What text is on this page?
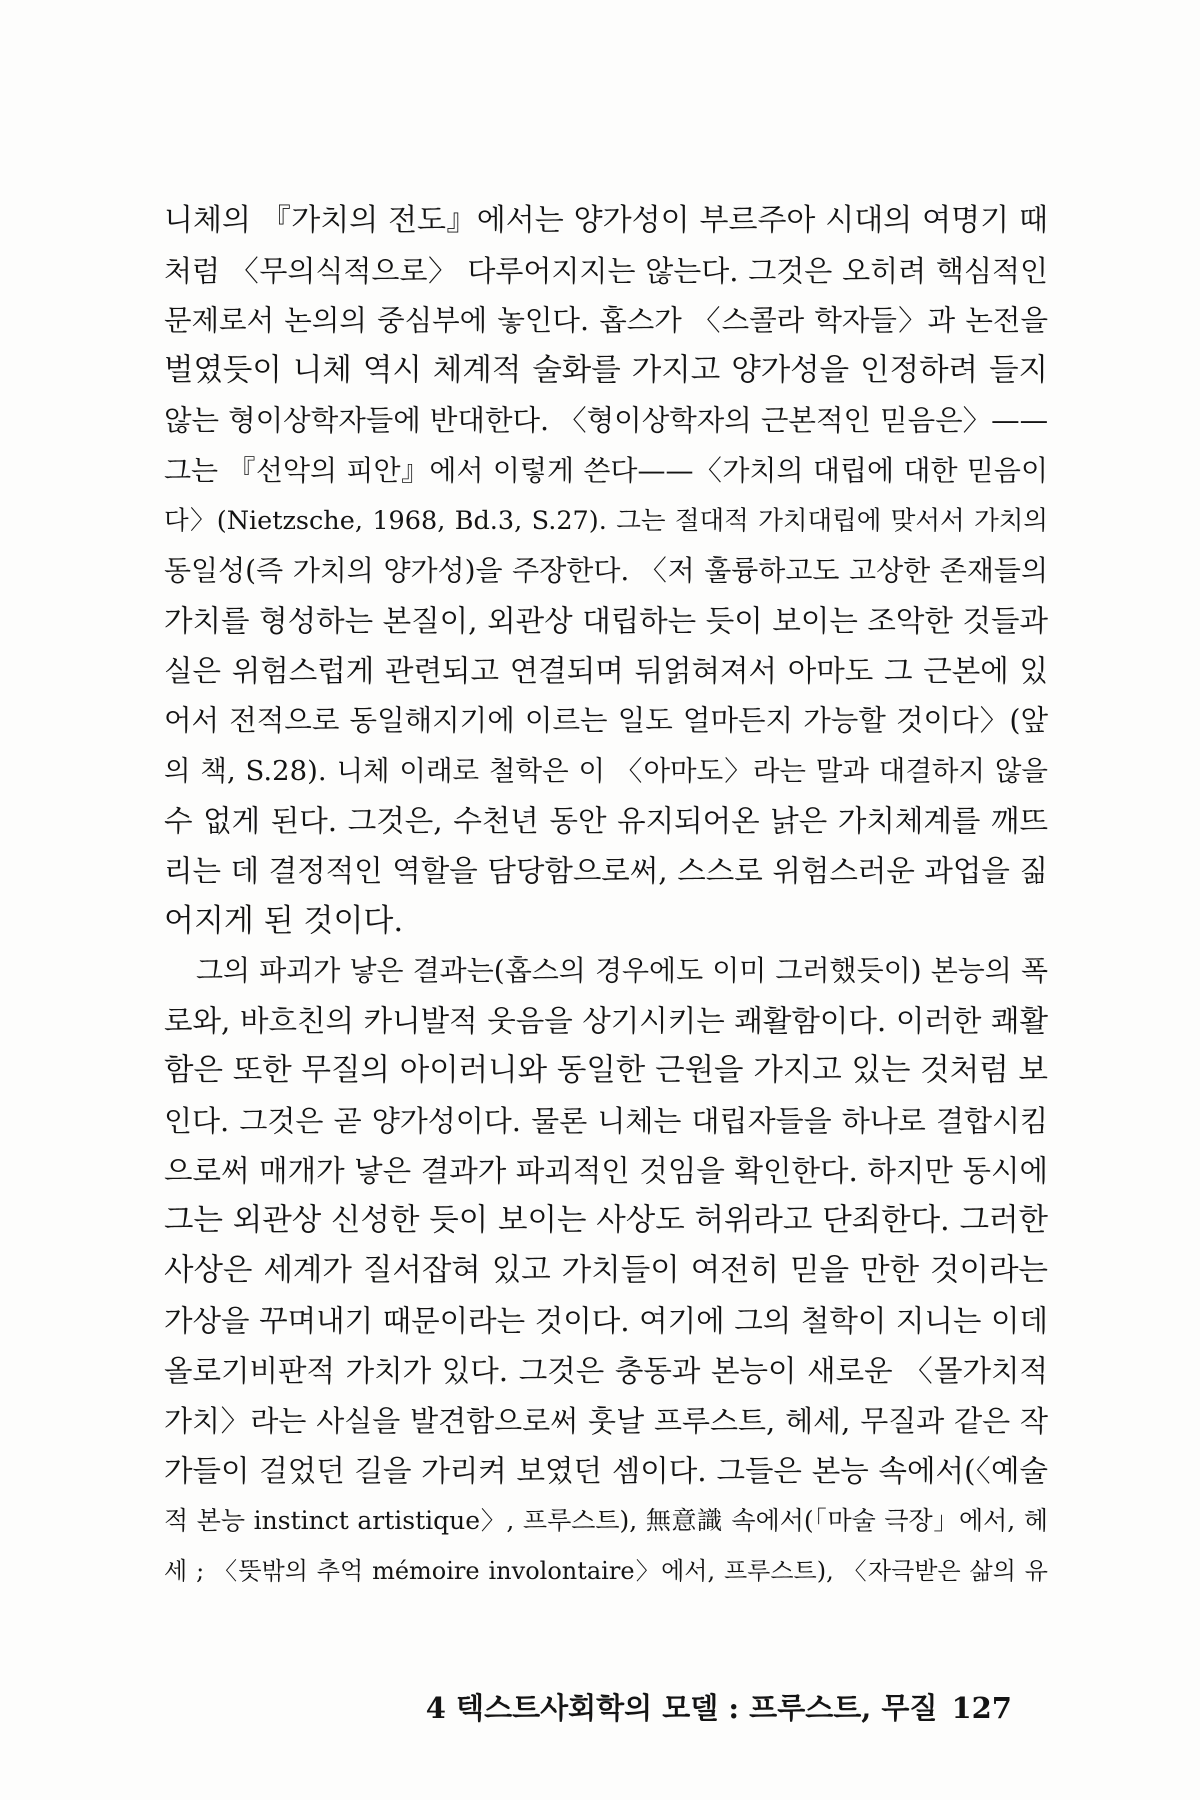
니체의 『가치의 전도』에서는 양가성이 부르주아 시대의 여명기 때
처럼 〈무의식적으로〉 다루어지지는 않는다. 그것은 오히려 핵심적인
문제로서 논의의 중심부에 놓인다. 홉스가 〈스콜라 학자들〉과 논전을
벌였듯이 니체 역시 체계적 술화를 가지고 양가성을 인정하려 들지
않는 형이상학자들에 반대한다. 〈형이상학자의 근본적인 믿음은〉——
그는 『선악의 피안』에서 이렇게 쓴다——〈가치의 대립에 대한 믿음이
다〉(Nietzsche, 1968, Bd.3, S.27). 그는 절대적 가치대립에 맞서서 가치의
동일성(즉 가치의 양가성)을 주장한다. 〈저 훌륭하고도 고상한 존재들의
가치를 형성하는 본질이, 외관상 대립하는 듯이 보이는 조악한 것들과
실은 위험스럽게 관련되고 연결되며 뒤얽혀져서 아마도 그 근본에 있
어서 전적으로 동일해지기에 이르는 일도 얼마든지 가능할 것이다〉(앞
의 책, S.28). 니체 이래로 철학은 이 〈아마도〉라는 말과 대결하지 않을
수 없게 된다. 그것은, 수천년 동안 유지되어온 낡은 가치체계를 깨뜨
리는 데 결정적인 역할을 담당함으로써, 스스로 위험스러운 과업을 짊
어지게 된 것이다.
그의 파괴가 낳은 결과는(홉스의 경우에도 이미 그러했듯이) 본능의 폭
로와, 바흐친의 카니발적 웃음을 상기시키는 쾌활함이다. 이러한 쾌활
함은 또한 무질의 아이러니와 동일한 근원을 가지고 있는 것처럼 보
인다. 그것은 곧 양가성이다. 물론 니체는 대립자들을 하나로 결합시킴
으로써 매개가 낳은 결과가 파괴적인 것임을 확인한다. 하지만 동시에
그는 외관상 신성한 듯이 보이는 사상도 허위라고 단죄한다. 그러한
사상은 세계가 질서잡혀 있고 가치들이 여전히 믿을 만한 것이라는
가상을 꾸며내기 때문이라는 것이다. 여기에 그의 철학이 지니는 이데
올로기비판적 가치가 있다. 그것은 충동과 본능이 새로운 〈몰가치적
가치〉라는 사실을 발견함으로써 훗날 프루스트, 헤세, 무질과 같은 작
가들이 걸었던 길을 가리켜 보였던 셈이다. 그들은 본능 속에서(〈예술
적 본능 instinct artistique〉, 프루스트), 無意識 속에서(「마술 극장」에서, 헤
세 ; 〈뜻밖의 추억 mémoire involontaire〉에서, 프루스트), 〈자극받은 삶의 유
4 텍스트사회학의 모델 : 프루스트, 무질 127
